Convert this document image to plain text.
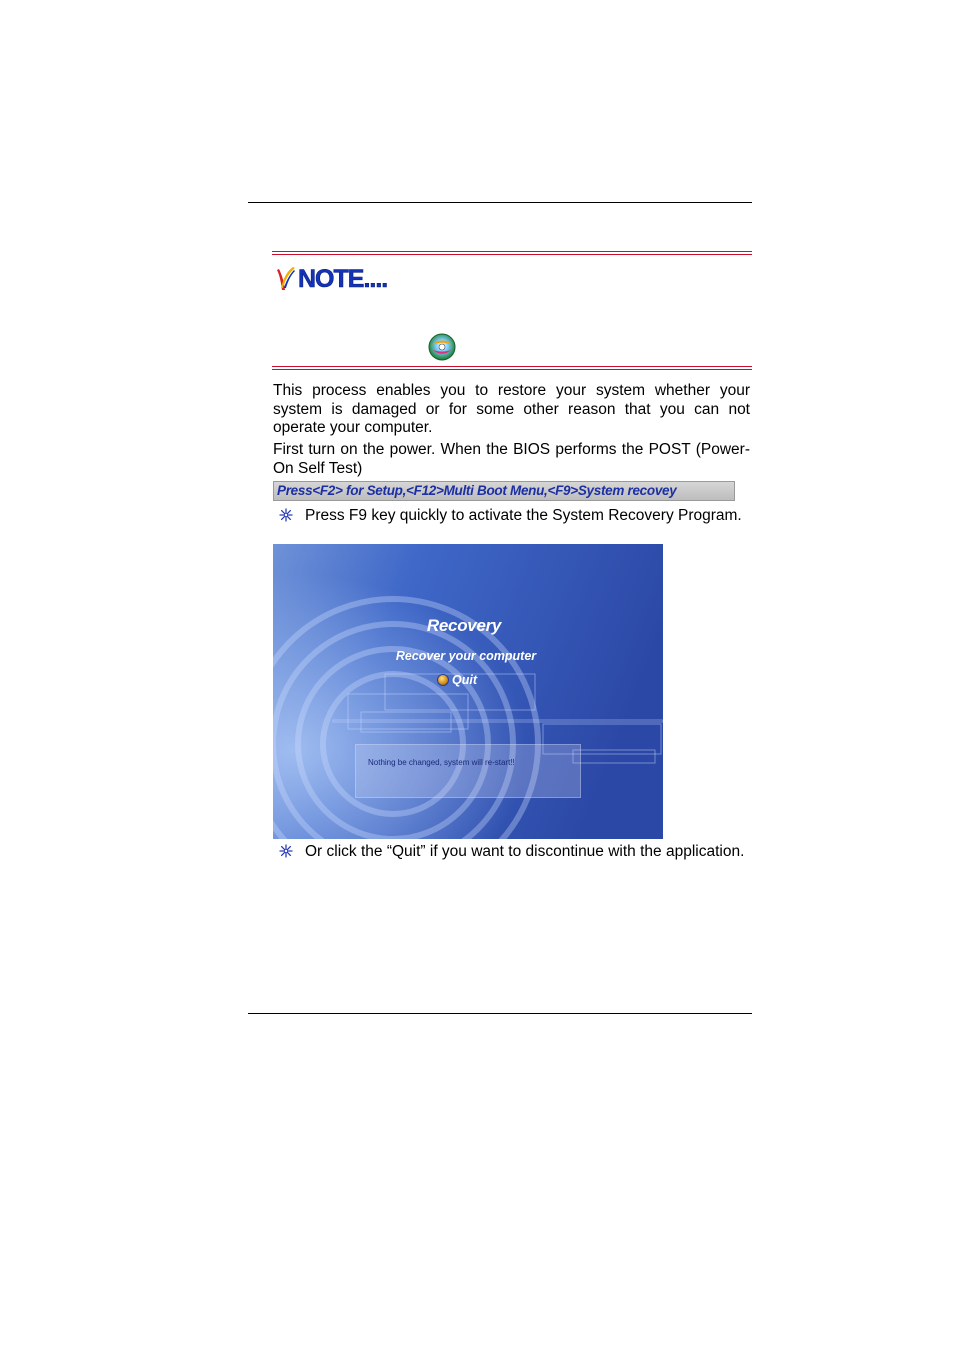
NOTE....

This process enables you to restore your system whether your system is damaged or for some other reason that you can not operate your computer.

First turn on the power. When the BIOS performs the POST (Power-On Self Test)

Press<F2> for Setup,<F12>Multi Boot Menu,<F9>System recovey
Press F9 key quickly to activate the System Recovery Program.
Recovery
Recover your computer
Quit
Nothing be changed, system will re-start!!
Or click the “Quit” if you want to discontinue with the application.
